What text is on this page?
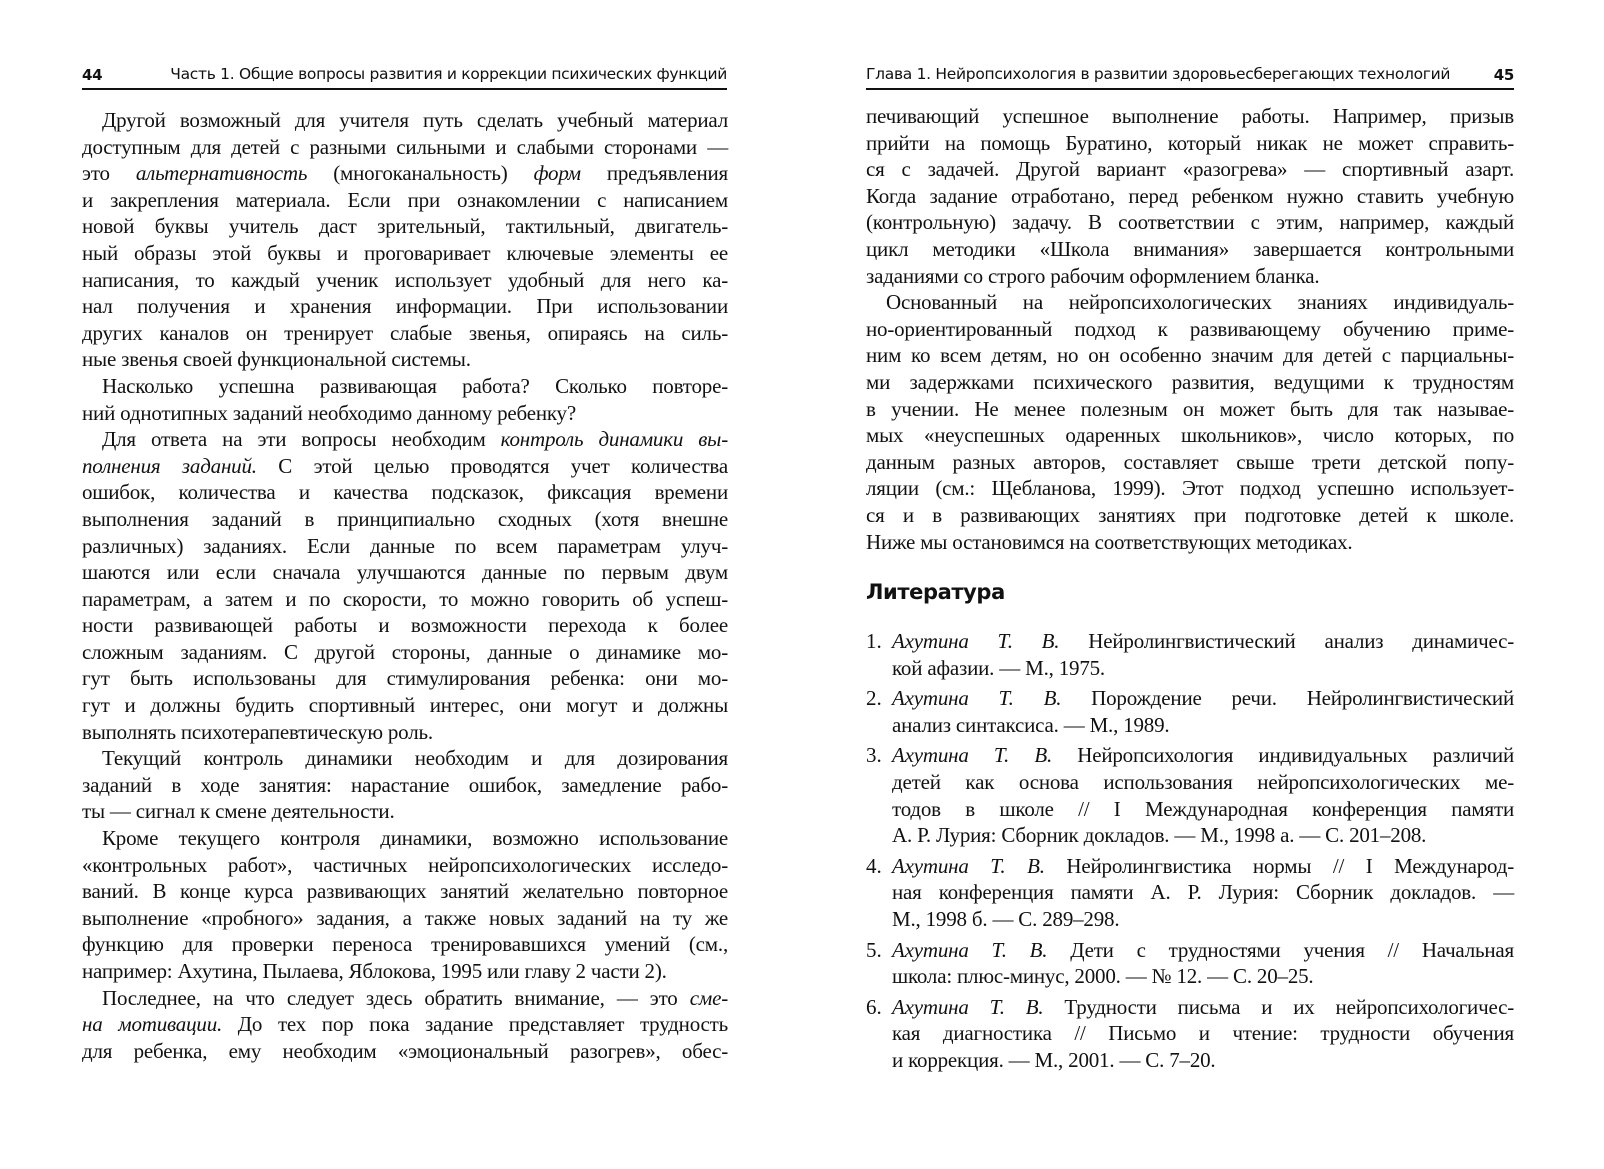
44	Часть 1. Общие вопросы развития и коррекции психических функций
Другой возможный для учителя путь сделать учебный материал
доступным для детей с разными сильными и слабыми сторонами —
это альтернативность (многоканальность) форм предъявления
и закрепления материала. Если при ознакомлении с написанием
новой буквы учитель даст зрительный, тактильный, двигатель-
ный образы этой буквы и проговаривает ключевые элементы ее
написания, то каждый ученик использует удобный для него ка-
нал получения и хранения информации. При использовании
других каналов он тренирует слабые звенья, опираясь на силь-
ные звенья своей функциональной системы.
Насколько успешна развивающая работа? Сколько повторе-
ний однотипных заданий необходимо данному ребенку?
Для ответа на эти вопросы необходим контроль динамики вы-
полнения заданий. С этой целью проводятся учет количества
ошибок, количества и качества подсказок, фиксация времени
выполнения заданий в принципиально сходных (хотя внешне
различных) заданиях. Если данные по всем параметрам улуч-
шаются или если сначала улучшаются данные по первым двум
параметрам, а затем и по скорости, то можно говорить об успеш-
ности развивающей работы и возможности перехода к более
сложным заданиям. С другой стороны, данные о динамике мо-
гут быть использованы для стимулирования ребенка: они мо-
гут и должны будить спортивный интерес, они могут и должны
выполнять психотерапевтическую роль.
Текущий контроль динамики необходим и для дозирования
заданий в ходе занятия: нарастание ошибок, замедление рабо-
ты — сигнал к смене деятельности.
Кроме текущего контроля динамики, возможно использование
«контрольных работ», частичных нейропсихологических исследо-
ваний. В конце курса развивающих занятий желательно повторное
выполнение «пробного» задания, а также новых заданий на ту же
функцию для проверки переноса тренировавшихся умений (см.,
например: Ахутина, Пылаева, Яблокова, 1995 или главу 2 части 2).
Последнее, на что следует здесь обратить внимание, — это сме-
на мотивации. До тех пор пока задание представляет трудность
для ребенка, ему необходим «эмоциональный разогрев», обес-
Глава 1. Нейропсихология в развитии здоровьесберегающих технологий	45
печивающий успешное выполнение работы. Например, призыв
прийти на помощь Буратино, который никак не может справить-
ся с задачей. Другой вариант «разогрева» — спортивный азарт.
Когда задание отработано, перед ребенком нужно ставить учебную
(контрольную) задачу. В соответствии с этим, например, каждый
цикл методики «Школа внимания» завершается контрольными
заданиями со строго рабочим оформлением бланка.
Основанный на нейропсихологических знаниях индивидуаль-
но-ориентированный подход к развивающему обучению приме-
ним ко всем детям, но он особенно значим для детей с парциальны-
ми задержками психического развития, ведущими к трудностям
в учении. Не менее полезным он может быть для так называе-
мых «неуспешных одаренных школьников», число которых, по
данным разных авторов, составляет свыше трети детской попу-
ляции (см.: Щебланова, 1999). Этот подход успешно использует-
ся и в развивающих занятиях при подготовке детей к школе.
Ниже мы остановимся на соответствующих методиках.
Литература
1. Ахутина Т. В. Нейролингвистический анализ динамичес-
кой афазии. — М., 1975.
2. Ахутина Т. В. Порождение речи. Нейролингвистический
анализ синтаксиса. — М., 1989.
3. Ахутина Т. В. Нейропсихология индивидуальных различий
детей как основа использования нейропсихологических ме-
тодов в школе // I Международная конференция памяти
А. Р. Лурия: Сборник докладов. — М., 1998 а. — С. 201–208.
4. Ахутина Т. В. Нейролингвистика нормы // I Международ-
ная конференция памяти А. Р. Лурия: Сборник докладов. —
М., 1998 б. — С. 289–298.
5. Ахутина Т. В. Дети с трудностями учения // Начальная
школа: плюс-минус, 2000. — № 12. — С. 20–25.
6. Ахутина Т. В. Трудности письма и их нейропсихологичес-
кая диагностика // Письмо и чтение: трудности обучения
и коррекция. — М., 2001. — С. 7–20.
